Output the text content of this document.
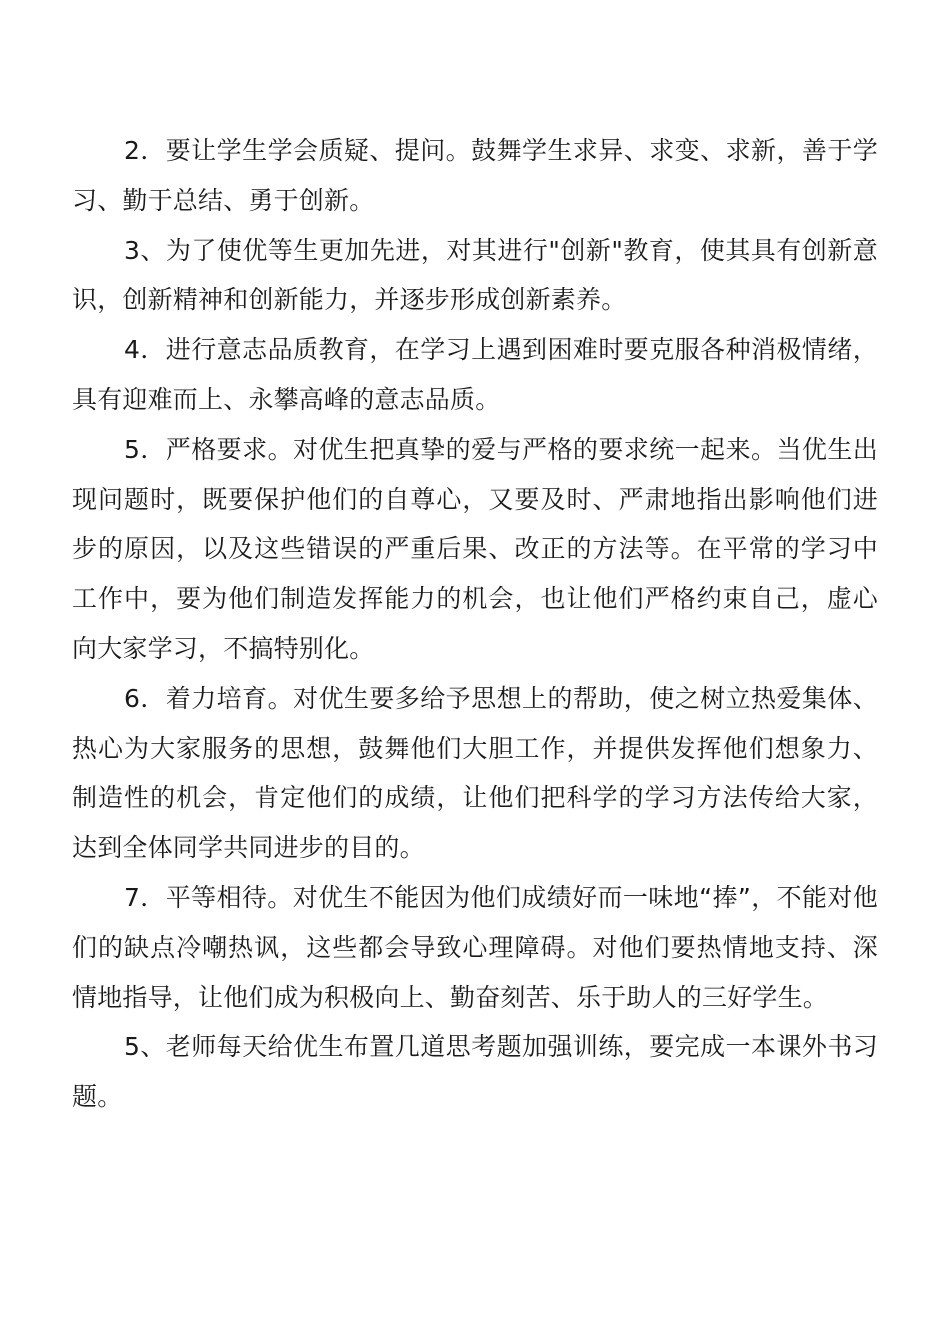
2．要让学生学会质疑、提问。鼓舞学生求异、求变、求新，善于学习、勤于总结、勇于创新。

3、为了使优等生更加先进，对其进行"创新"教育，使其具有创新意识，创新精神和创新能力，并逐步形成创新素养。

4．进行意志品质教育，在学习上遇到困难时要克服各种消极情绪，具有迎难而上、永攀高峰的意志品质。

5．严格要求。对优生把真挚的爱与严格的要求统一起来。当优生出现问题时，既要保护他们的自尊心，又要及时、严肃地指出影响他们进步的原因，以及这些错误的严重后果、改正的方法等。在平常的学习中工作中，要为他们制造发挥能力的机会，也让他们严格约束自己，虚心向大家学习，不搞特别化。

6．着力培育。对优生要多给予思想上的帮助，使之树立热爱集体、热心为大家服务的思想，鼓舞他们大胆工作，并提供发挥他们想象力、制造性的机会，肯定他们的成绩，让他们把科学的学习方法传给大家，达到全体同学共同进步的目的。

7．平等相待。对优生不能因为他们成绩好而一味地“捧”，不能对他们的缺点冷嘲热讽，这些都会导致心理障碍。对他们要热情地支持、深情地指导，让他们成为积极向上、勤奋刻苦、乐于助人的三好学生。

5、老师每天给优生布置几道思考题加强训练，要完成一本课外书习题。
